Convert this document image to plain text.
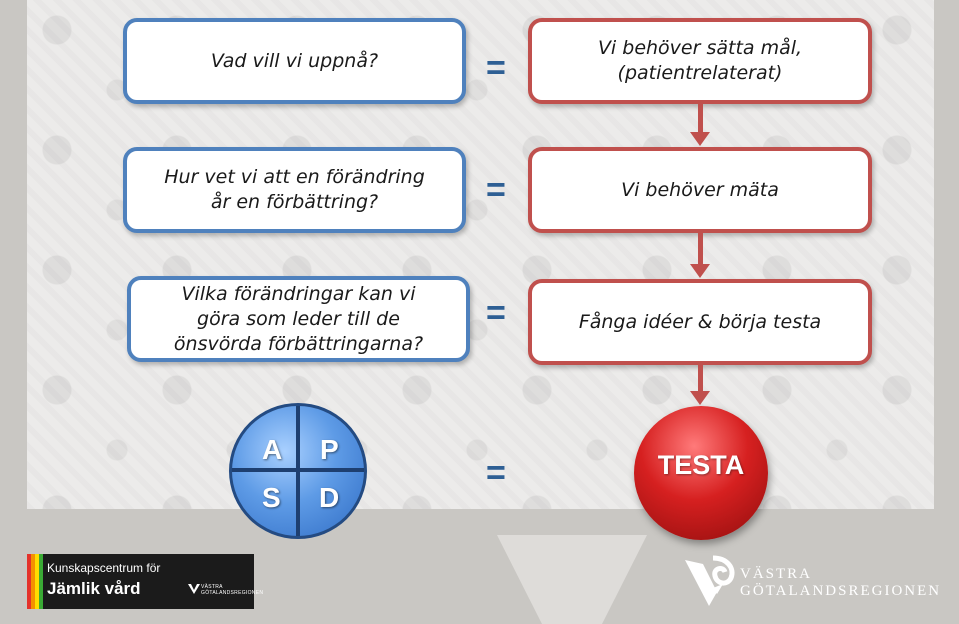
Vad vill vi uppnå?
Hur vet vi att en förändring
år en förbättring?
Vilka förändringar kan vi
göra som leder till de
önsvörda förbättringarna?
=
=
=
=
Vi behöver sätta mål,
(patientrelaterat)
Vi behöver mäta
Fånga idéer & börja testa
A P
S D
TESTA
Kunskapscentrum för
Jämlik vård	VÄSTRA
GÖTALANDSREGIONEN
VÄSTRA
GÖTALANDSREGIONEN
